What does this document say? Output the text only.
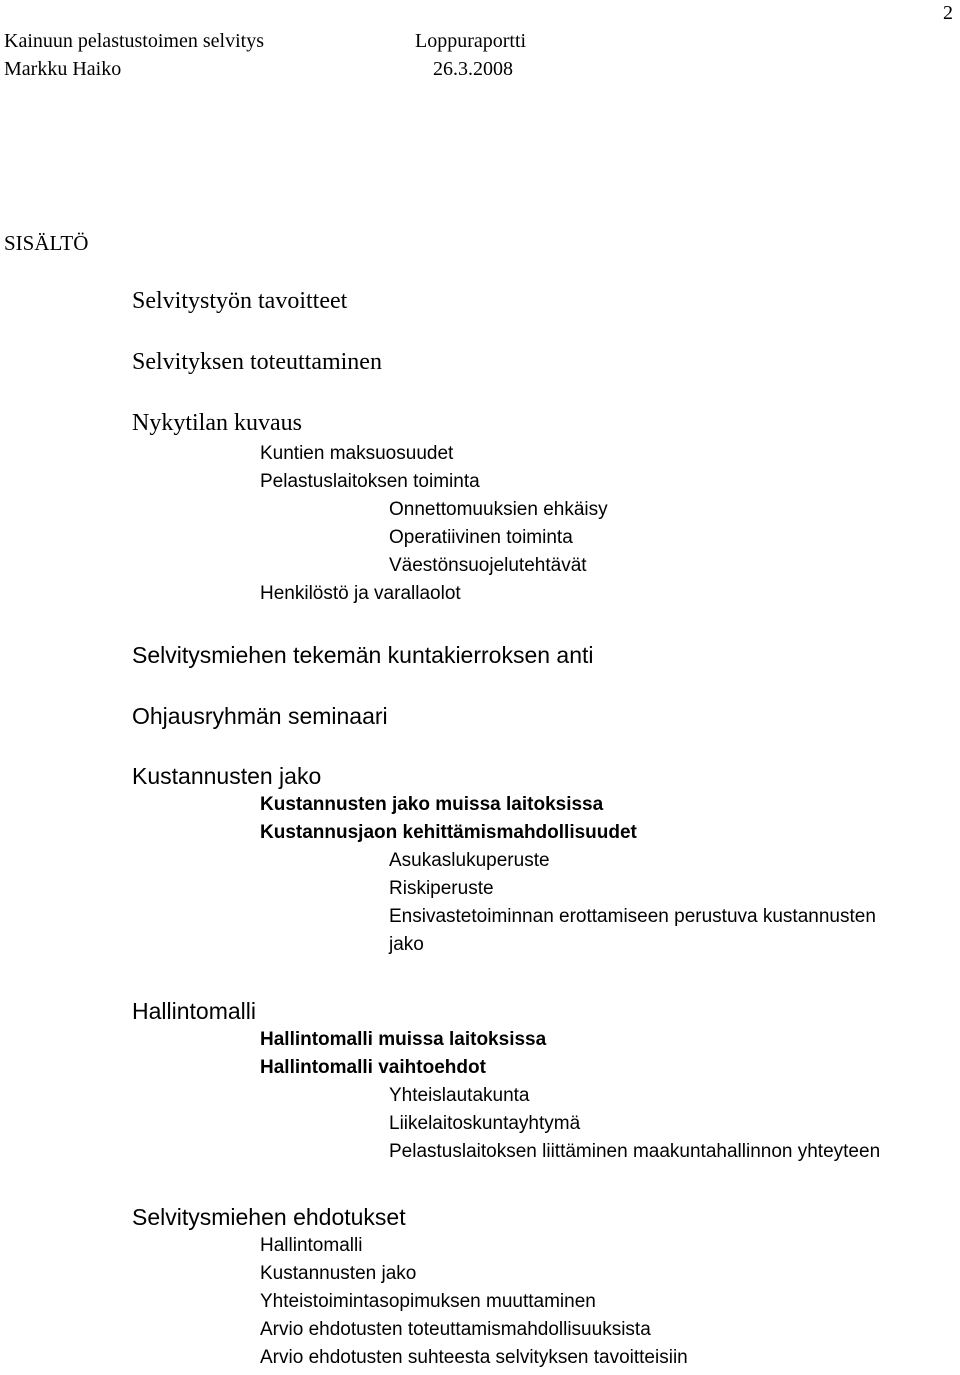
Kainuun pelastustoimen selvitys	Loppuraportti
Markku Haiko	26.3.2008
2
SISÄLTÖ
Selvitystyön tavoitteet
Selvityksen toteuttaminen
Nykytilan kuvaus
Kuntien maksuosuudet
Pelastuslaitoksen toiminta
Onnettomuuksien ehkäisy
Operatiivinen toiminta
Väestönsuojelutehtävät
Henkilöstö ja varallaolot
Selvitysmiehen tekemän kuntakierroksen anti
Ohjausryhmän seminaari
Kustannusten jako
Kustannusten jako muissa laitoksissa
Kustannusjaon kehittämismahdollisuudet
Asukaslukuperuste
Riskiperuste
Ensivastetoiminnan erottamiseen perustuva kustannusten
jako
Hallintomalli
Hallintomalli muissa laitoksissa
Hallintomalli vaihtoehdot
Yhteislautakunta
Liikelaitoskuntayhtymä
Pelastuslaitoksen liittäminen maakuntahallinnon yhteyteen
Selvitysmiehen ehdotukset
Hallintomalli
Kustannusten jako
Yhteistoimintasopimuksen muuttaminen
Arvio ehdotusten toteuttamismahdollisuuksista
Arvio ehdotusten suhteesta selvityksen tavoitteisiin
